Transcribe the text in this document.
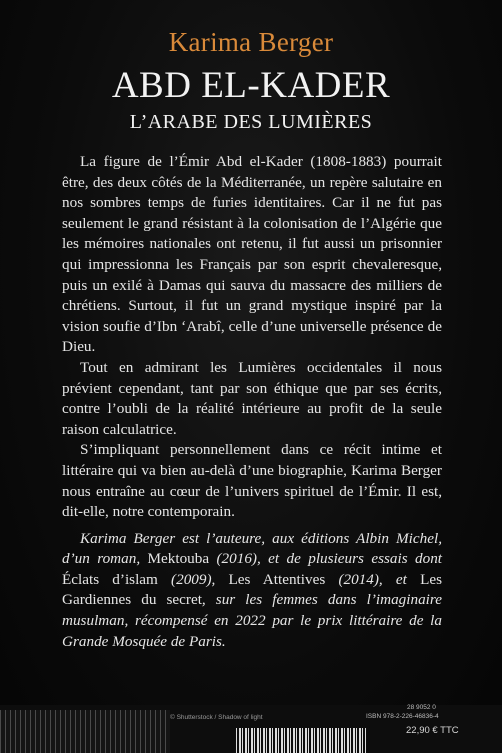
Karima Berger
ABD EL-KADER
L’ARABE DES LUMIÈRES

La figure de l’Émir Abd el-Kader (1808-1883) pourrait être, des deux côtés de la Méditerranée, un repère salutaire en nos sombres temps de furies identitaires. Car il ne fut pas seulement le grand résistant à la colonisation de l’Algérie que les mémoires nationales ont retenu, il fut aussi un prisonnier qui impressionna les Français par son esprit chevaleresque, puis un exilé à Damas qui sauva du massacre des milliers de chrétiens. Surtout, il fut un grand mystique inspiré par la vision soufie d’Ibn ‘Arabî, celle d’une universelle présence de Dieu.

Tout en admirant les Lumières occidentales il nous prévient cependant, tant par son éthique que par ses écrits, contre l’oubli de la réalité intérieure au profit de la seule raison calculatrice.

S’impliquant personnellement dans ce récit intime et littéraire qui va bien au-delà d’une biographie, Karima Berger nous entraîne au cœur de l’univers spirituel de l’Émir. Il est, dit-elle, notre contemporain.

Karima Berger est l’auteure, aux éditions Albin Michel, d’un roman, Mektouba (2016), et de plusieurs essais dont Éclats d’islam (2009), Les Attentives (2014), et Les Gardiennes du secret, sur les femmes dans l’imaginaire musulman, récompensé en 2022 par le prix littéraire de la Grande Mosquée de Paris.

© Shutterstock / Shadow of light
28 9052 0
ISBN 978-2-226-46836-4
22,90 € TTC
